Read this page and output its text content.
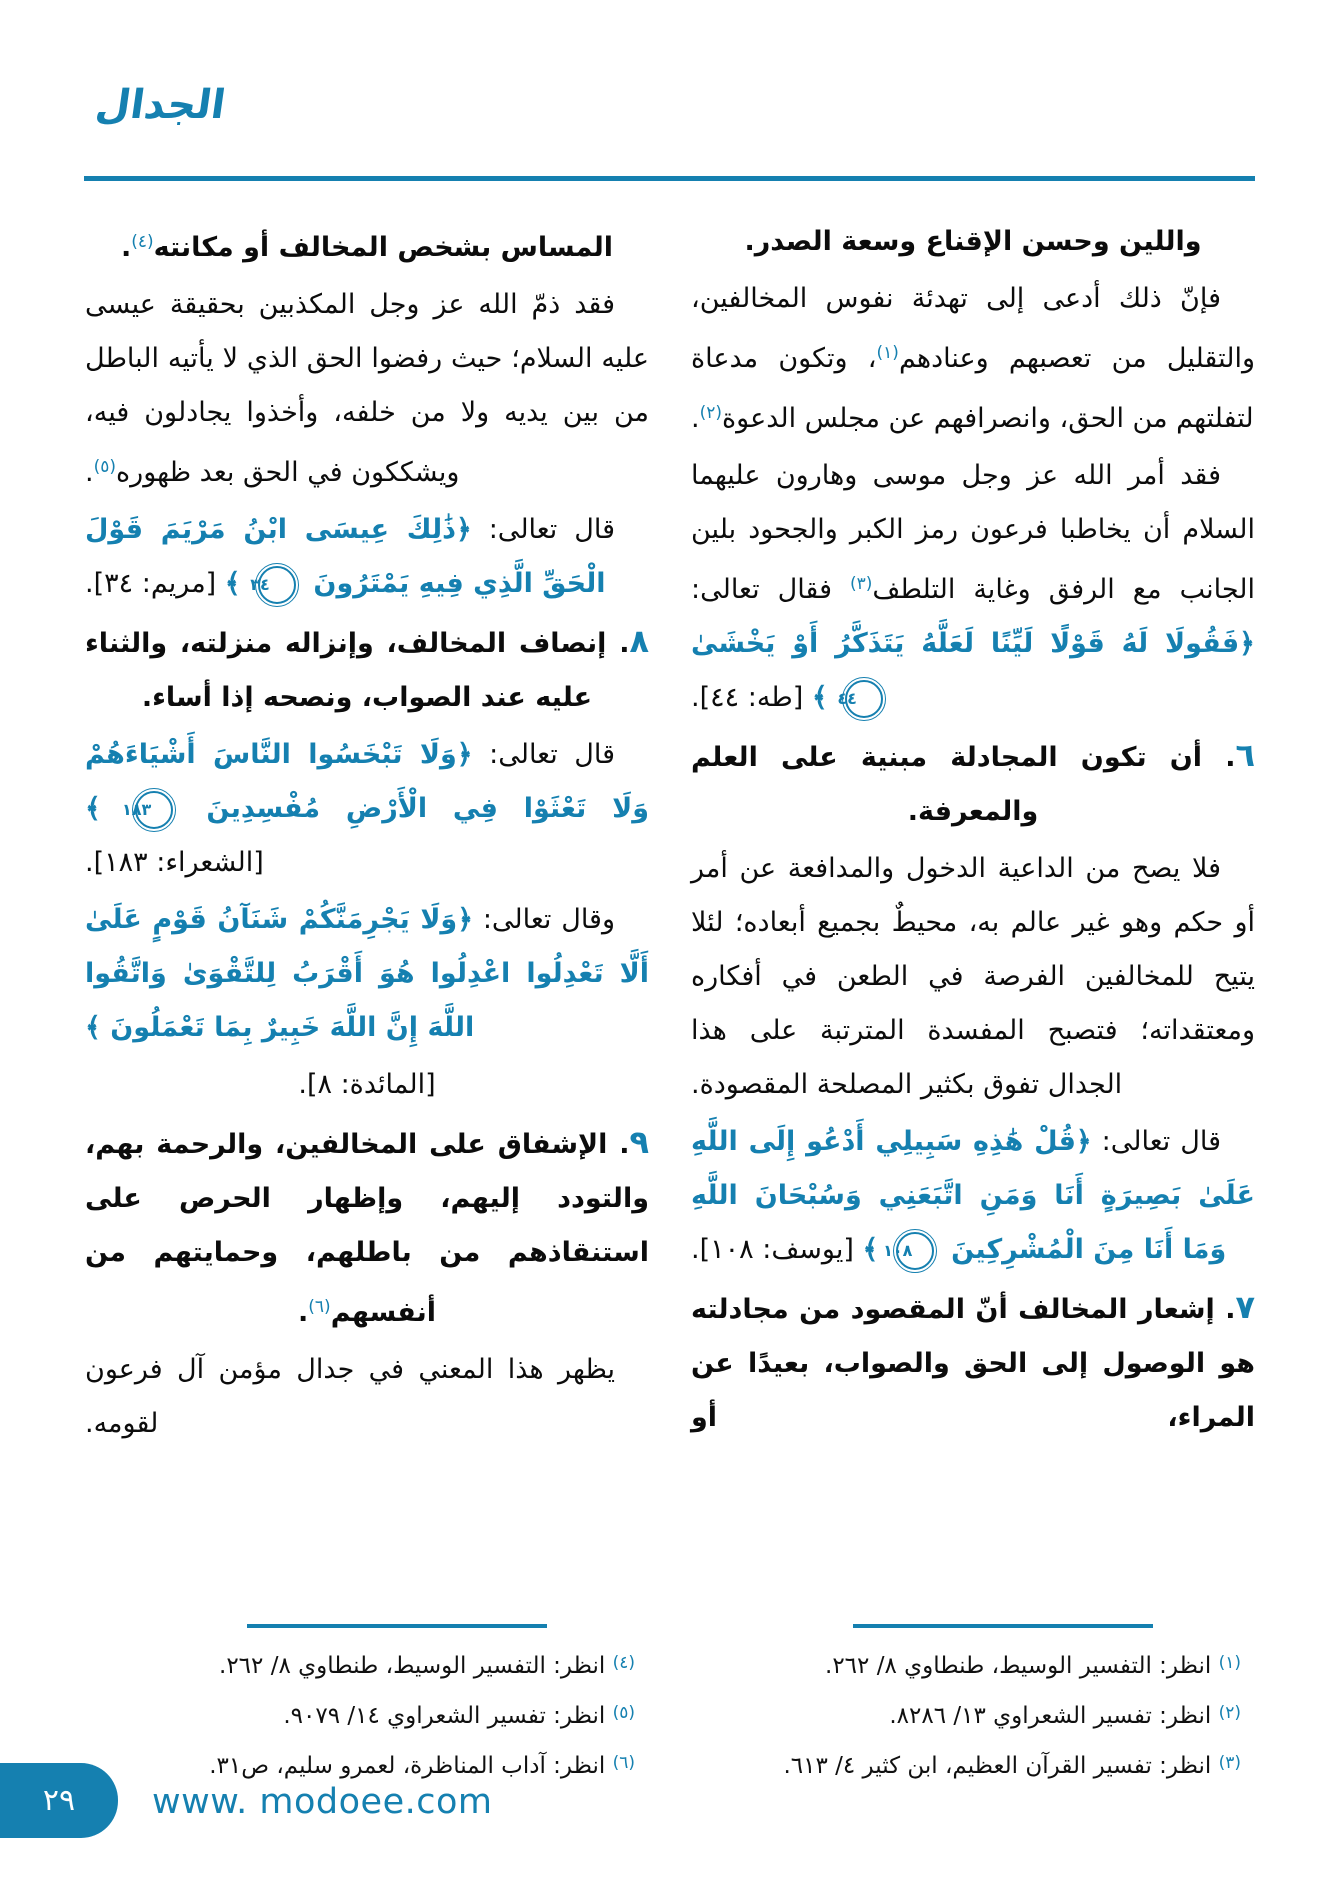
الجدال

واللين وحسن الإقناع وسعة الصدر.

فإنّ ذلك أدعى إلى تهدئة نفوس المخالفين، والتقليل من تعصبهم وعنادهم$^{(١)}$، وتكون مدعاة لتفلتهم من الحق، وانصرافهم عن مجلس الدعوة$^{(٢)}$.

فقد أمر الله عز وجل موسى وهارون عليهما السلام أن يخاطبا فرعون رمز الكبر والجحود بلين الجانب مع الرفق وغاية التلطف$^{(٣)}$ فقال تعالى: ﴿فَقُولَا لَهُ قَوْلًا لَيِّنًا لَعَلَّهُ يَتَذَكَّرُ أَوْ يَخْشَىٰ ٤٤ ﴾ [طه: ٤٤].

٦. أن تكون المجادلة مبنية على العلم والمعرفة.

فلا يصح من الداعية الدخول والمدافعة عن أمر أو حكم وهو غير عالم به، محيطٌ بجميع أبعاده؛ لئلا يتيح للمخالفين الفرصة في الطعن في أفكاره ومعتقداته؛ فتصبح المفسدة المترتبة على هذا الجدال تفوق بكثير المصلحة المقصودة.

قال تعالى: ﴿قُلْ هَٰذِهِ سَبِيلِي أَدْعُو إِلَى اللَّهِ عَلَىٰ بَصِيرَةٍ أَنَا وَمَنِ اتَّبَعَنِي وَسُبْحَانَ اللَّهِ وَمَا أَنَا مِنَ الْمُشْرِكِينَ ١٠٨ ﴾ [يوسف: ١٠٨].

٧. إشعار المخالف أنّ المقصود من مجادلته هو الوصول إلى الحق والصواب، بعيدًا عن المراء، أو

$^{(١)}$ انظر: التفسير الوسيط، طنطاوي ٨/ ٢٦٢.

$^{(٢)}$ انظر: تفسير الشعراوي ١٣/ ٨٢٨٦.

$^{(٣)}$ انظر: تفسير القرآن العظيم، ابن كثير ٤/ ٦١٣.

المساس بشخص المخالف أو مكانته$^{(٤)}$.

فقد ذمّ الله عز وجل المكذبين بحقيقة عيسى عليه السلام؛ حيث رفضوا الحق الذي لا يأتيه الباطل من بين يديه ولا من خلفه، وأخذوا يجادلون فيه، ويشككون في الحق بعد ظهوره$^{(٥)}$.

قال تعالى: ﴿ذَٰلِكَ عِيسَى ابْنُ مَرْيَمَ قَوْلَ الْحَقِّ الَّذِي فِيهِ يَمْتَرُونَ ٣٤ ﴾ [مريم: ٣٤].

٨. إنصاف المخالف، وإنزاله منزلته، والثناء عليه عند الصواب، ونصحه إذا أساء.

قال تعالى: ﴿وَلَا تَبْخَسُوا النَّاسَ أَشْيَاءَهُمْ وَلَا تَعْثَوْا فِي الْأَرْضِ مُفْسِدِينَ ١٨٣ ﴾ [الشعراء: ١٨٣].

وقال تعالى: ﴿وَلَا يَجْرِمَنَّكُمْ شَنَآنُ قَوْمٍ عَلَىٰ أَلَّا تَعْدِلُوا اعْدِلُوا هُوَ أَقْرَبُ لِلتَّقْوَىٰ وَاتَّقُوا اللَّهَ إِنَّ اللَّهَ خَبِيرٌ بِمَا تَعْمَلُونَ ﴾

[المائدة: ٨].

٩. الإشفاق على المخالفين، والرحمة بهم، والتودد إليهم، وإظهار الحرص على استنقاذهم من باطلهم، وحمايتهم من أنفسهم$^{(٦)}$.

يظهر هذا المعني في جدال مؤمن آل فرعون لقومه.

$^{(٤)}$ انظر: التفسير الوسيط، طنطاوي ٨/ ٢٦٢.

$^{(٥)}$ انظر: تفسير الشعراوي ١٤/ ٩٠٧٩.

$^{(٦)}$ انظر: آداب المناظرة، لعمرو سليم، ص٣١.

٢٩ www. modoee.com
